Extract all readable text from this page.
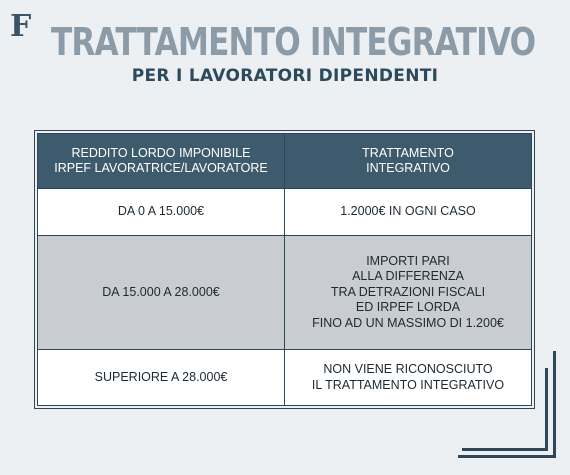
F TRATTAMENTO INTEGRATIVO
PER I LAVORATORI DIPENDENTI
REDDITO LORDO IMPONIBILE
IRPEF LAVORATRICE/LAVORATORE	TRATTAMENTO
INTEGRATIVO
DA 0 A 15.000€	1.2000€ IN OGNI CASO
DA 15.000 A 28.000€	IMPORTI PARI
ALLA DIFFERENZA
TRA DETRAZIONI FISCALI
ED IRPEF LORDA
FINO AD UN MASSIMO DI 1.200€
SUPERIORE A 28.000€	NON VIENE RICONOSCIUTO
IL TRATTAMENTO INTEGRATIVO
